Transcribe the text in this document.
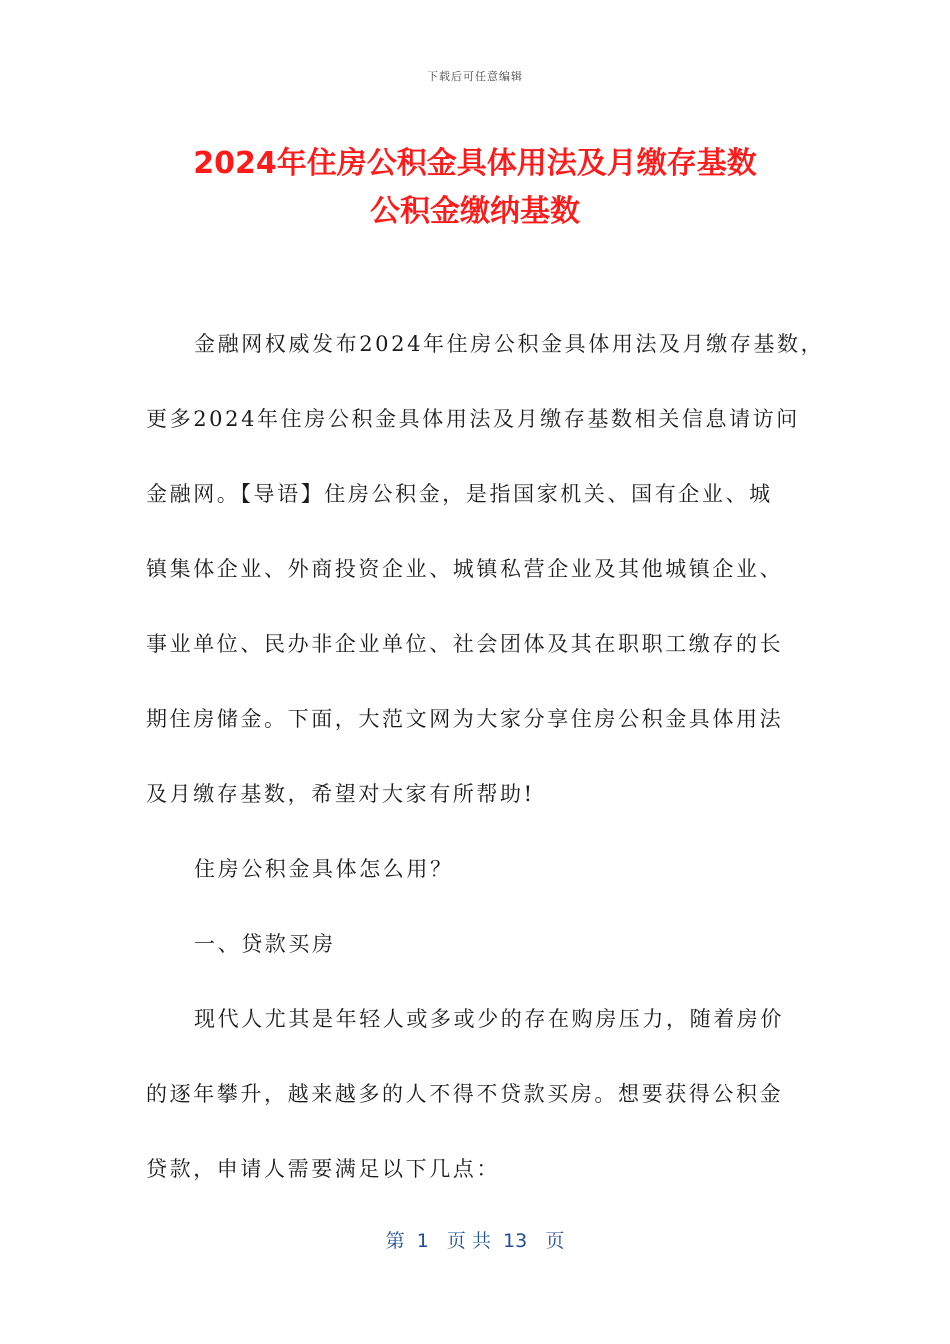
下载后可任意编辑
2024年住房公积金具体用法及月缴存基数
公积金缴纳基数
金融网权威发布2024年住房公积金具体用法及月缴存基数，
更多2024年住房公积金具体用法及月缴存基数相关信息请访问
金融网。【导语】住房公积金，是指国家机关、国有企业、城
镇集体企业、外商投资企业、城镇私营企业及其他城镇企业、
事业单位、民办非企业单位、社会团体及其在职职工缴存的长
期住房储金。下面，大范文网为大家分享住房公积金具体用法
及月缴存基数，希望对大家有所帮助!
住房公积金具体怎么用？
一、贷款买房
现代人尤其是年轻人或多或少的存在购房压力，随着房价
的逐年攀升，越来越多的人不得不贷款买房。想要获得公积金
贷款，申请人需要满足以下几点：
第  1   页 共  13   页
